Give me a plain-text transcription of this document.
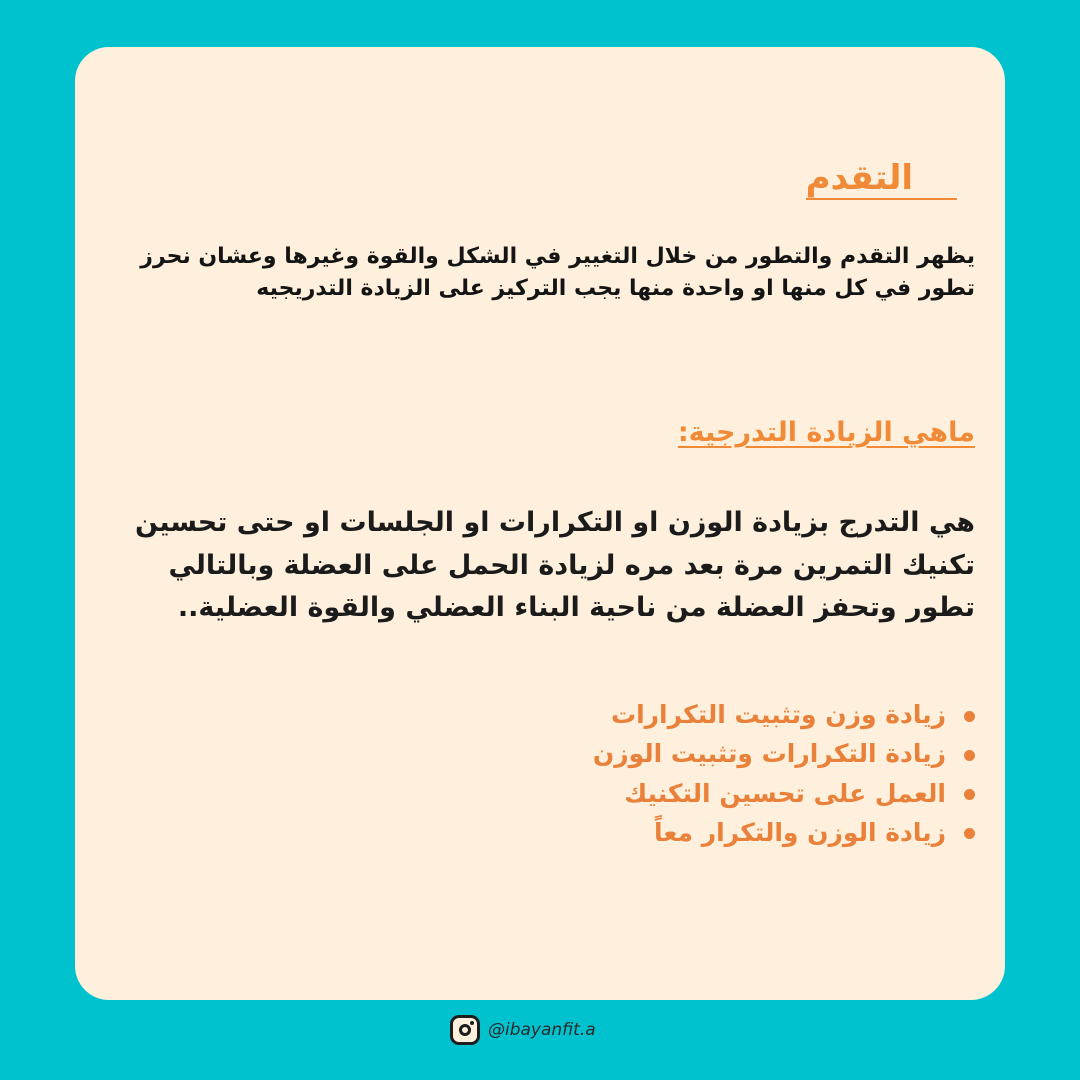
التقدم

يظهر التقدم والتطور من خلال التغيير في الشكل والقوة وغيرها وعشان نحرز تطور في كل منها او واحدة منها يجب التركيز على الزيادة التدريجيه

ماهي الزيادة التدرجية:

هي التدرج بزيادة الوزن او التكرارات او الجلسات او حتى تحسين تكنيك التمرين مرة بعد مره لزيادة الحمل على العضلة وبالتالي تطور وتحفز العضلة من ناحية البناء العضلي والقوة العضلية..

زيادة وزن وتثبيت التكرارات
زيادة التكرارات وتثبيت الوزن
العمل على تحسين التكنيك
زيادة الوزن والتكرار معاً
@ibayanfit.a
